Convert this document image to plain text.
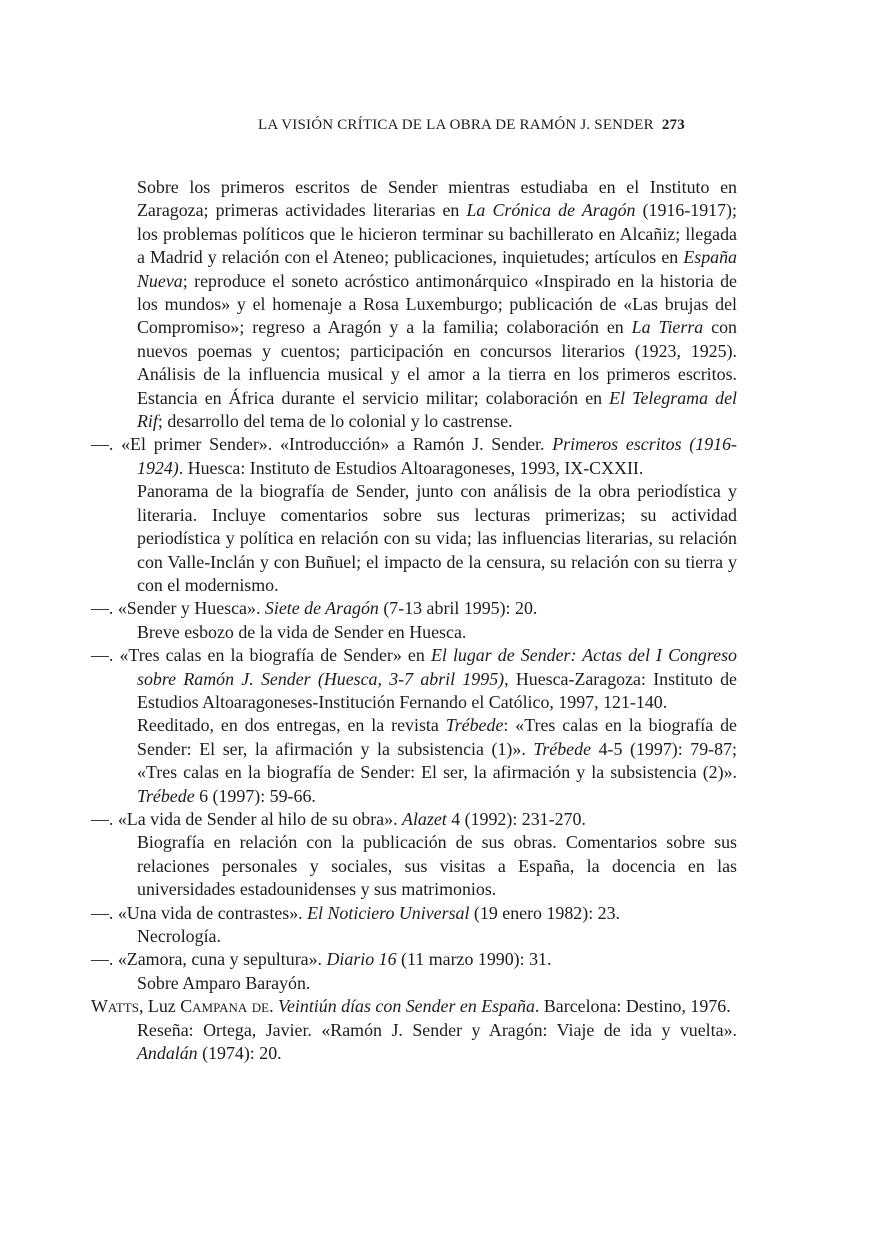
LA VISIÓN CRÍTICA DE LA OBRA DE RAMÓN J. SENDER 273

Sobre los primeros escritos de Sender mientras estudiaba en el Instituto en Zaragoza; primeras actividades literarias en La Crónica de Aragón (1916-1917); los problemas políticos que le hicieron terminar su bachillerato en Alcañiz; llegada a Madrid y relación con el Ateneo; publicaciones, inquietudes; artículos en España Nueva; reproduce el soneto acróstico antimonárquico «Inspirado en la historia de los mundos» y el homenaje a Rosa Luxemburgo; publicación de «Las brujas del Compromiso»; regreso a Aragón y a la familia; colaboración en La Tierra con nuevos poemas y cuentos; participación en concursos literarios (1923, 1925). Análisis de la influencia musical y el amor a la tierra en los primeros escritos. Estancia en África durante el servicio militar; colaboración en El Telegrama del Rif; desarrollo del tema de lo colonial y lo castrense.

—. «El primer Sender». «Introducción» a Ramón J. Sender. Primeros escritos (1916-1924). Huesca: Instituto de Estudios Altoaragoneses, 1993, IX-CXXII.

Panorama de la biografía de Sender, junto con análisis de la obra periodística y literaria. Incluye comentarios sobre sus lecturas primerizas; su actividad periodística y política en relación con su vida; las influencias literarias, su relación con Valle-Inclán y con Buñuel; el impacto de la censura, su relación con su tierra y con el modernismo.

—. «Sender y Huesca». Siete de Aragón (7-13 abril 1995): 20.

Breve esbozo de la vida de Sender en Huesca.

—. «Tres calas en la biografía de Sender» en El lugar de Sender: Actas del I Congreso sobre Ramón J. Sender (Huesca, 3-7 abril 1995), Huesca-Zaragoza: Instituto de Estudios Altoaragoneses-Institución Fernando el Católico, 1997, 121-140.

Reeditado, en dos entregas, en la revista Trébede: «Tres calas en la biografía de Sender: El ser, la afirmación y la subsistencia (1)». Trébede 4-5 (1997): 79-87; «Tres calas en la biografía de Sender: El ser, la afirmación y la subsistencia (2)». Trébede 6 (1997): 59-66.

—. «La vida de Sender al hilo de su obra». Alazet 4 (1992): 231-270.

Biografía en relación con la publicación de sus obras. Comentarios sobre sus relaciones personales y sociales, sus visitas a España, la docencia en las universidades estadounidenses y sus matrimonios.

—. «Una vida de contrastes». El Noticiero Universal (19 enero 1982): 23.

Necrología.

—. «Zamora, cuna y sepultura». Diario 16 (11 marzo 1990): 31.

Sobre Amparo Barayón.

Watts, Luz Campana de. Veintiún días con Sender en España. Barcelona: Destino, 1976.

Reseña: Ortega, Javier. «Ramón J. Sender y Aragón: Viaje de ida y vuelta». Andalán (1974): 20.
